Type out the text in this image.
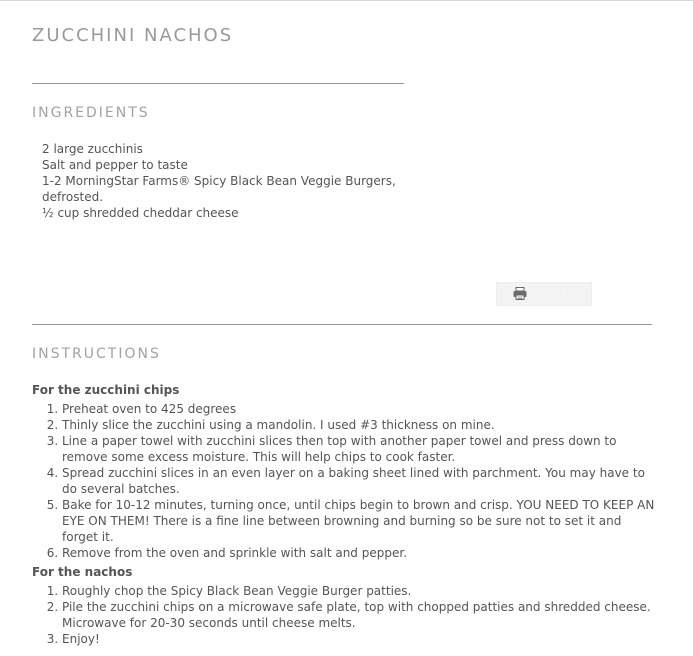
ZUCCHINI NACHOS
INGREDIENTS
2 large zucchinis
Salt and pepper to taste
1-2 MorningStar Farms® Spicy Black Bean Veggie Burgers, defrosted.
½ cup shredded cheddar cheese
PRINT
INSTRUCTIONS

For the zucchini chips

1. Preheat oven to 425 degrees
2. Thinly slice the zucchini using a mandolin. I used #3 thickness on mine.
3. Line a paper towel with zucchini slices then top with another paper towel and press down to remove some excess moisture. This will help chips to cook faster.
4. Spread zucchini slices in an even layer on a baking sheet lined with parchment. You may have to do several batches.
5. Bake for 10-12 minutes, turning once, until chips begin to brown and crisp. YOU NEED TO KEEP AN EYE ON THEM! There is a fine line between browning and burning so be sure not to set it and forget it.
6. Remove from the oven and sprinkle with salt and pepper.

For the nachos

1. Roughly chop the Spicy Black Bean Veggie Burger patties.
2. Pile the zucchini chips on a microwave safe plate, top with chopped patties and shredded cheese. Microwave for 20-30 seconds until cheese melts.
3. Enjoy!
